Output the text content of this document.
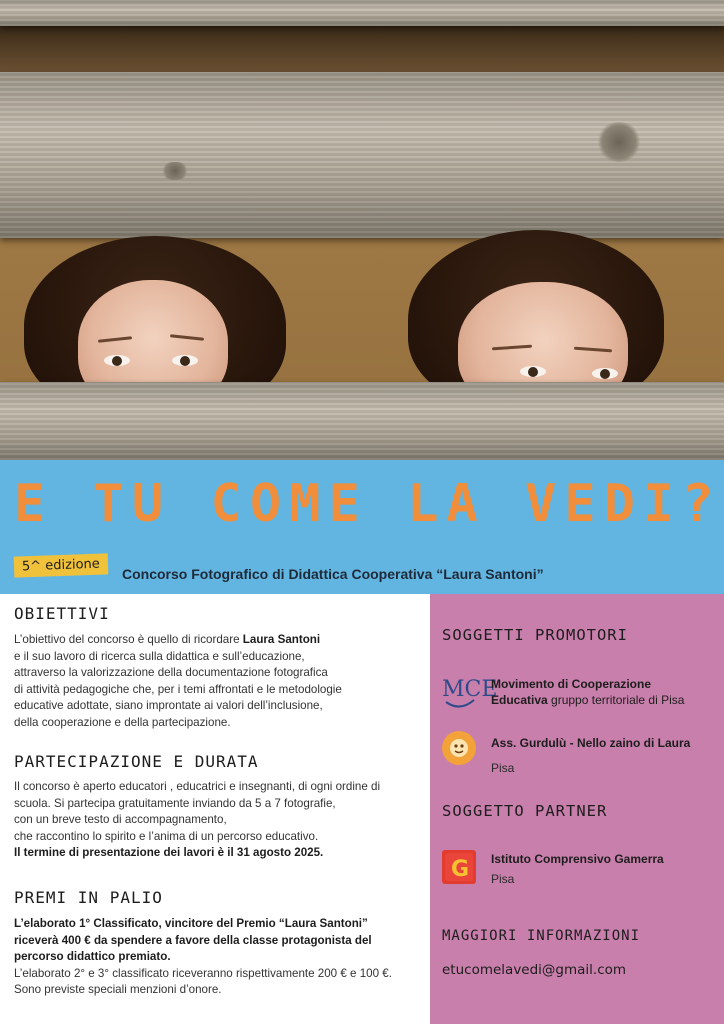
E TU COME LA VEDI?
5^ edizione	Concorso Fotografico di Didattica Cooperativa “Laura Santoni”
OBIETTIVI
L’obiettivo del concorso è quello di ricordare Laura Santoni
e il suo lavoro di ricerca sulla didattica e sull’educazione,
attraverso la valorizzazione della documentazione fotografica
di attività pedagogiche che, per i temi affrontati e le metodologie
educative adottate, siano improntate ai valori dell’inclusione,
della cooperazione e della partecipazione.
PARTECIPAZIONE E DURATA
Il concorso è aperto educatori , educatrici e insegnanti, di ogni ordine di
scuola. Si partecipa gratuitamente inviando da 5 a 7 fotografie,
con un breve testo di accompagnamento,
che raccontino lo spirito e l’anima di un percorso educativo.
Il termine di presentazione dei lavori è il 31 agosto 2025.
PREMI IN PALIO
L’elaborato 1° Classificato, vincitore del Premio “Laura Santoni”
riceverà 400 € da spendere a favore della classe protagonista del
percorso didattico premiato.
L’elaborato 2° e 3° classificato riceveranno rispettivamente 200 € e 100 €.
Sono previste speciali menzioni d’onore.
SOGGETTI PROMOTORI
MCE
Movimento di Cooperazione
Educativa gruppo territoriale di Pisa
Ass. Gurdulù - Nello zaino di Laura
Pisa
SOGGETTO PARTNER
G Istituto Comprensivo Gamerra
Pisa
MAGGIORI INFORMAZIONI
etucomelavedi@gmail.com
